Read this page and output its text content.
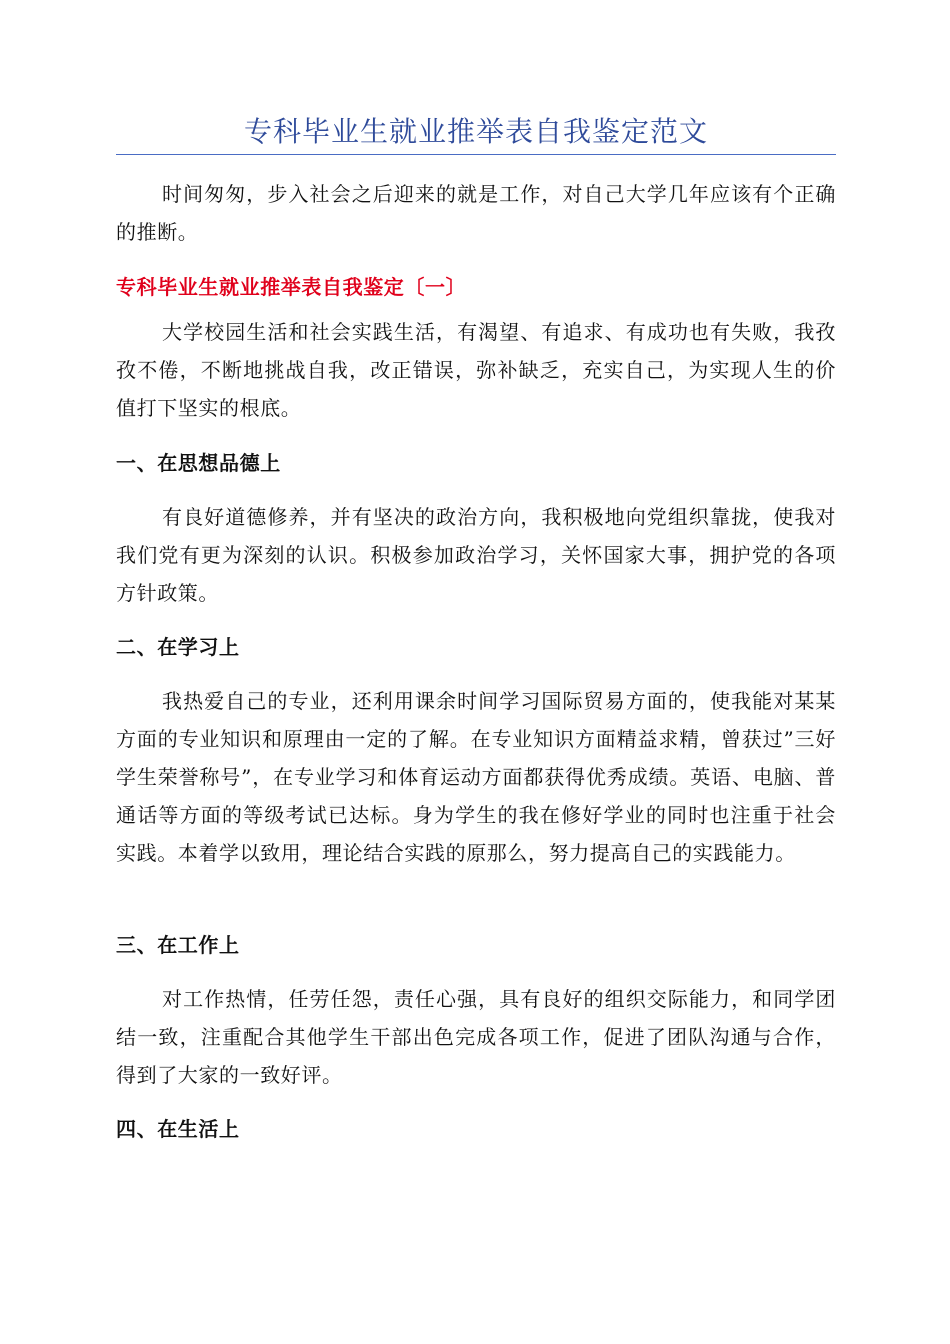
专科毕业生就业推举表自我鉴定范文

时间匆匆，步入社会之后迎来的就是工作，对自己大学几年应该有个正确的推断。

专科毕业生就业推举表自我鉴定〔一〕

大学校园生活和社会实践生活，有渴望、有追求、有成功也有失败，我孜孜不倦，不断地挑战自我，改正错误，弥补缺乏，充实自己，为实现人生的价值打下坚实的根底。

一、在思想品德上

有良好道德修养，并有坚决的政治方向，我积极地向党组织靠拢，使我对我们党有更为深刻的认识。积极参加政治学习，关怀国家大事，拥护党的各项方针政策。

二、在学习上

我热爱自己的专业，还利用课余时间学习国际贸易方面的，使我能对某某方面的专业知识和原理由一定的了解。在专业知识方面精益求精，曾获过”三好学生荣誉称号”，在专业学习和体育运动方面都获得优秀成绩。英语、电脑、普通话等方面的等级考试已达标。身为学生的我在修好学业的同时也注重于社会实践。本着学以致用，理论结合实践的原那么，努力提高自己的实践能力。

三、在工作上

对工作热情，任劳任怨，责任心强，具有良好的组织交际能力，和同学团结一致，注重配合其他学生干部出色完成各项工作，促进了团队沟通与合作，得到了大家的一致好评。

四、在生活上
